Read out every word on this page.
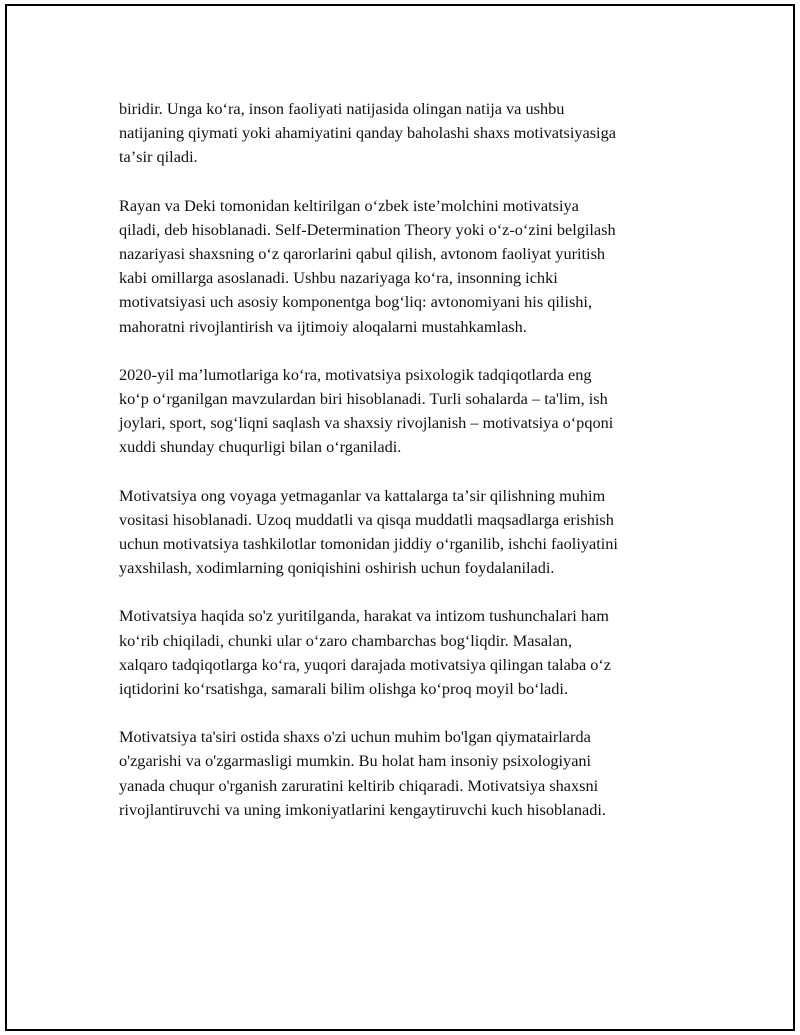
biridir. Unga koʻra, inson faoliyati natijasida olingan natija va ushbu
natijaning qiymati yoki ahamiyatini qanday baholashi shaxs motivatsiyasiga
taʼsir qiladi.

Rayan va Deki tomonidan keltirilgan oʻzbek isteʼmolchini motivatsiya
qiladi, deb hisoblanadi. Self-Determination Theory yoki oʻz-oʻzini belgilash
nazariyasi shaxsning oʻz qarorlarini qabul qilish, avtonom faoliyat yuritish
kabi omillarga asoslanadi. Ushbu nazariyaga koʻra, insonning ichki
motivatsiyasi uch asosiy komponentga bogʻliq: avtonomiyani his qilishi,
mahoratni rivojlantirish va ijtimoiy aloqalarni mustahkamlash.

2020-yil maʼlumotlariga koʻra, motivatsiya psixologik tadqiqotlarda eng
koʻp oʻrganilgan mavzulardan biri hisoblanadi. Turli sohalarda – ta'lim, ish
joylari, sport, sogʻliqni saqlash va shaxsiy rivojlanish – motivatsiya oʻpqoni
xuddi shunday chuqurligi bilan oʻrganiladi.

Motivatsiya ong voyaga yetmaganlar va kattalarga taʼsir qilishning muhim
vositasi hisoblanadi. Uzoq muddatli va qisqa muddatli maqsadlarga erishish
uchun motivatsiya tashkilotlar tomonidan jiddiy oʻrganilib, ishchi faoliyatini
yaxshilash, xodimlarning qoniqishini oshirish uchun foydalaniladi.

Motivatsiya haqida so'z yuritilganda, harakat va intizom tushunchalari ham
koʻrib chiqiladi, chunki ular oʻzaro chambarchas bogʻliqdir. Masalan,
xalqaro tadqiqotlarga koʻra, yuqori darajada motivatsiya qilingan talaba oʻz
iqtidorini koʻrsatishga, samarali bilim olishga koʻproq moyil boʻladi.

Motivatsiya ta'siri ostida shaxs o'zi uchun muhim bo'lgan qiymatairlarda
o'zgarishi va o'zgarmasligi mumkin. Bu holat ham insoniy psixologiyani
yanada chuqur o'rganish zaruratini keltirib chiqaradi. Motivatsiya shaxsni
rivojlantiruvchi va uning imkoniyatlarini kengaytiruvchi kuch hisoblanadi.
